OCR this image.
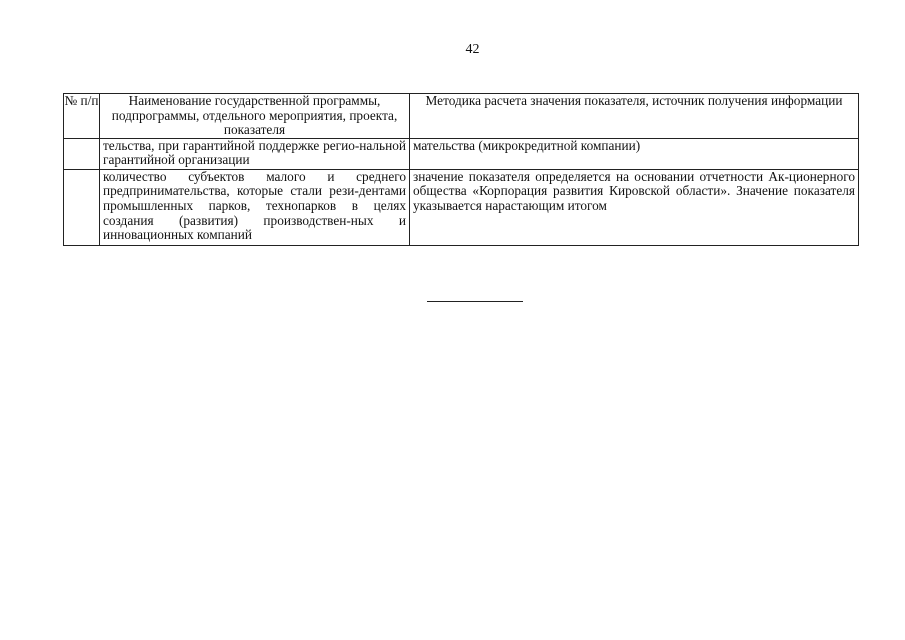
42
№ п/п	Наименование государственной программы, подпрограммы, отдельного мероприятия, проекта, показателя	Методика расчета значения показателя, источник получения информации
	тельства, при гарантийной поддержке регио-нальной гарантийной организации	мательства (микрокредитной компании)
	количество субъектов малого и среднего предпринимательства, которые стали рези-дентами промышленных парков, технопарков в целях создания (развития) производствен-ных и инновационных компаний	значение показателя определяется на основании отчетности Ак-ционерного общества «Корпорация развития Кировской области». Значение показателя указывается нарастающим итогом
